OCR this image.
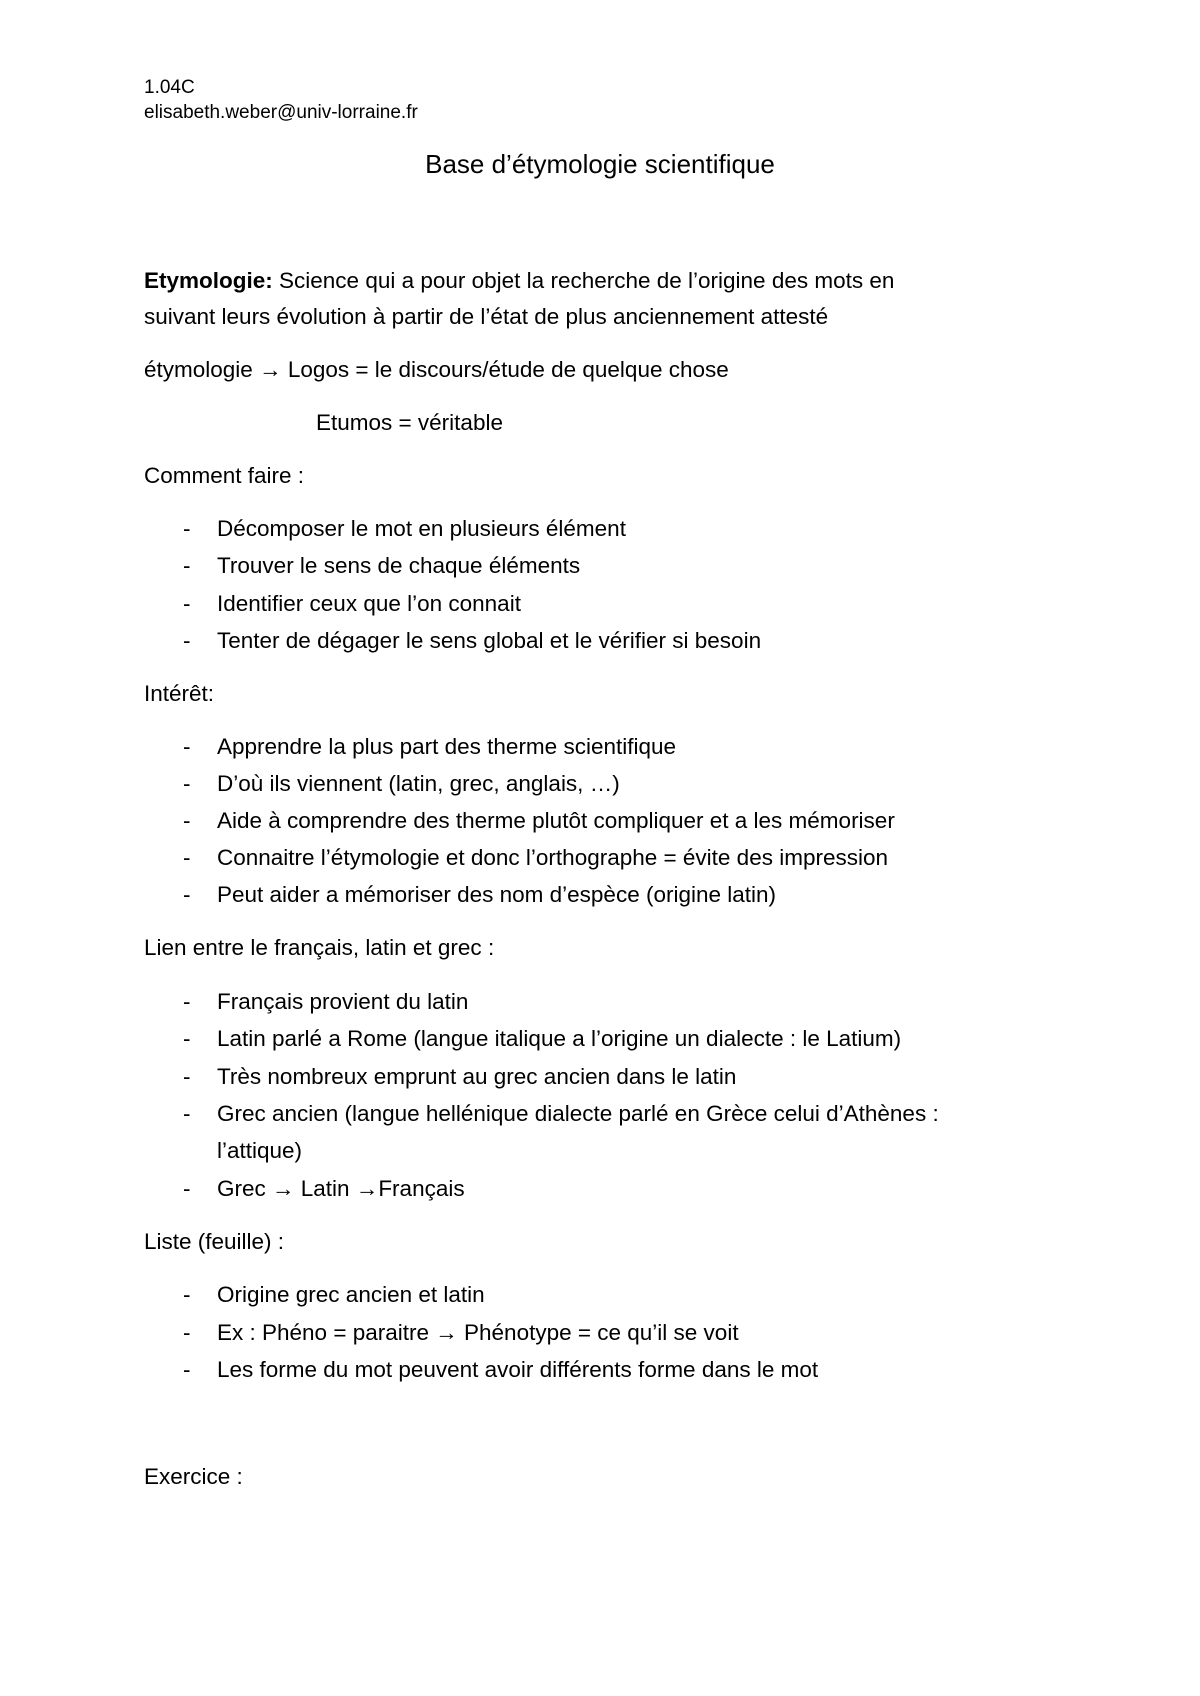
1.04C
elisabeth.weber@univ-lorraine.fr
Base d’étymologie scientifique
Etymologie: Science qui a pour objet la recherche de l’origine des mots en
suivant leurs évolution à partir de l’état de plus anciennement attesté
étymologie → Logos = le discours/étude de quelque chose
Etumos = véritable
Comment faire :
- Décomposer le mot en plusieurs élément
- Trouver le sens de chaque éléments
- Identifier ceux que l’on connait
- Tenter de dégager le sens global et le vérifier si besoin
Intérêt:
- Apprendre la plus part des therme scientifique
- D’où ils viennent (latin, grec, anglais, …)
- Aide à comprendre des therme plutôt compliquer et a les mémoriser
- Connaitre l’étymologie et donc l’orthographe = évite des impression
- Peut aider a mémoriser des nom d’espèce (origine latin)
Lien entre le français, latin et grec :
- Français provient du latin
- Latin parlé a Rome (langue italique a l’origine un dialecte : le Latium)
- Très nombreux emprunt au grec ancien dans le latin
- Grec ancien (langue hellénique dialecte parlé en Grèce celui d’Athènes :
l’attique)
- Grec → Latin →Français
Liste (feuille) :
- Origine grec ancien et latin
- Ex : Phéno = paraitre → Phénotype = ce qu’il se voit
- Les forme du mot peuvent avoir différents forme dans le mot
Exercice :
